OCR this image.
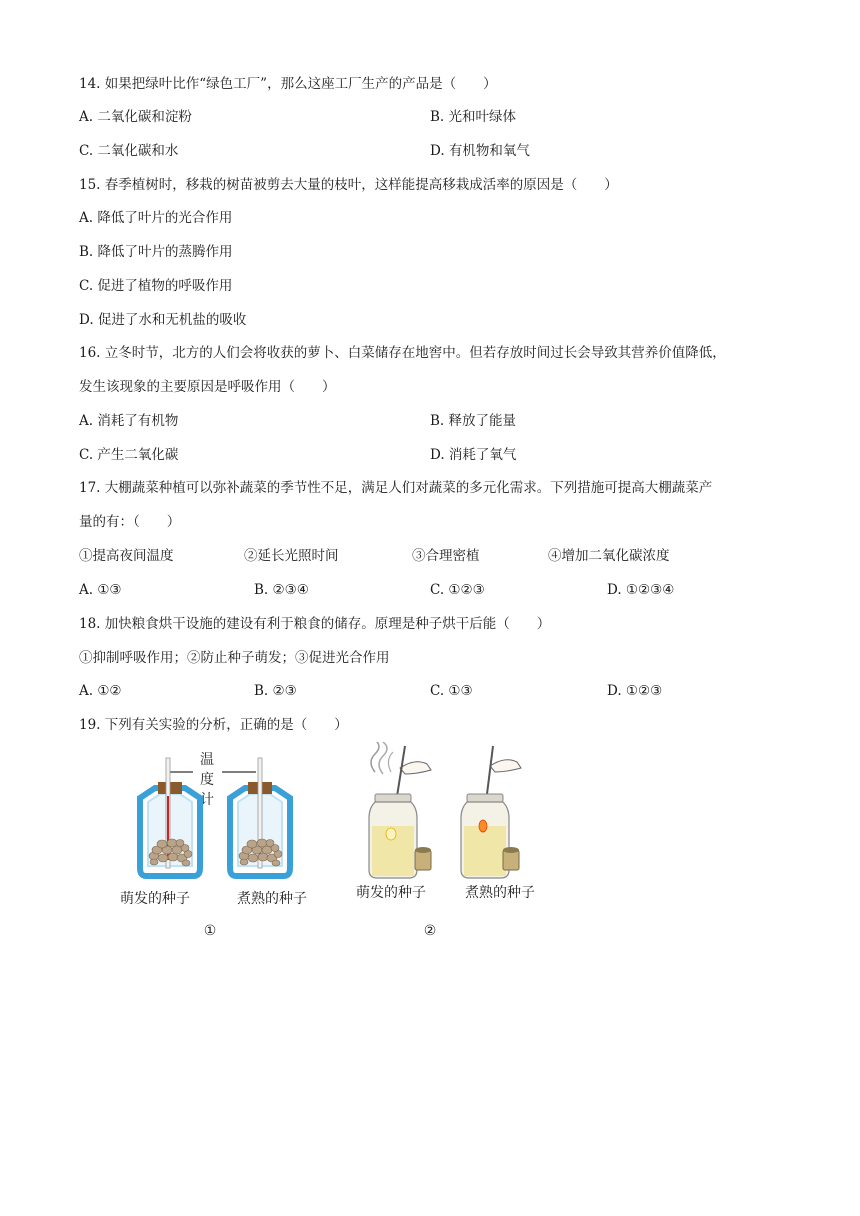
14. 如果把绿叶比作“绿色工厂”，那么这座工厂生产的产品是（　　）
A. 二氧化碳和淀粉	B. 光和叶绿体
C. 二氧化碳和水	D. 有机物和氧气
15. 春季植树时，移栽的树苗被剪去大量的枝叶，这样能提高移栽成活率的原因是（　　）
A. 降低了叶片的光合作用
B. 降低了叶片的蒸腾作用
C. 促进了植物的呼吸作用
D. 促进了水和无机盐的吸收
16. 立冬时节，北方的人们会将收获的萝卜、白菜储存在地窖中。但若存放时间过长会导致其营养价值降低，
发生该现象的主要原因是呼吸作用（　　）
A. 消耗了有机物	B. 释放了能量
C. 产生二氧化碳	D. 消耗了氧气
17. 大棚蔬菜种植可以弥补蔬菜的季节性不足，满足人们对蔬菜的多元化需求。下列措施可提高大棚蔬菜产
量的有：（　　）
①提高夜间温度	②延长光照时间	③合理密植	④增加二氧化碳浓度
A. ①③	B. ②③④	C. ①②③	D. ①②③④
18. 加快粮食烘干设施的建设有利于粮食的储存。原理是种子烘干后能（　　）
①抑制呼吸作用；②防止种子萌发；③促进光合作用
A. ①②	B. ②③	C. ①③	D. ①②③
19. 下列有关实验的分析，正确的是（　　）
温
度
计
萌发的种子	煮熟的种子
①
萌发的种子	煮熟的种子
②
